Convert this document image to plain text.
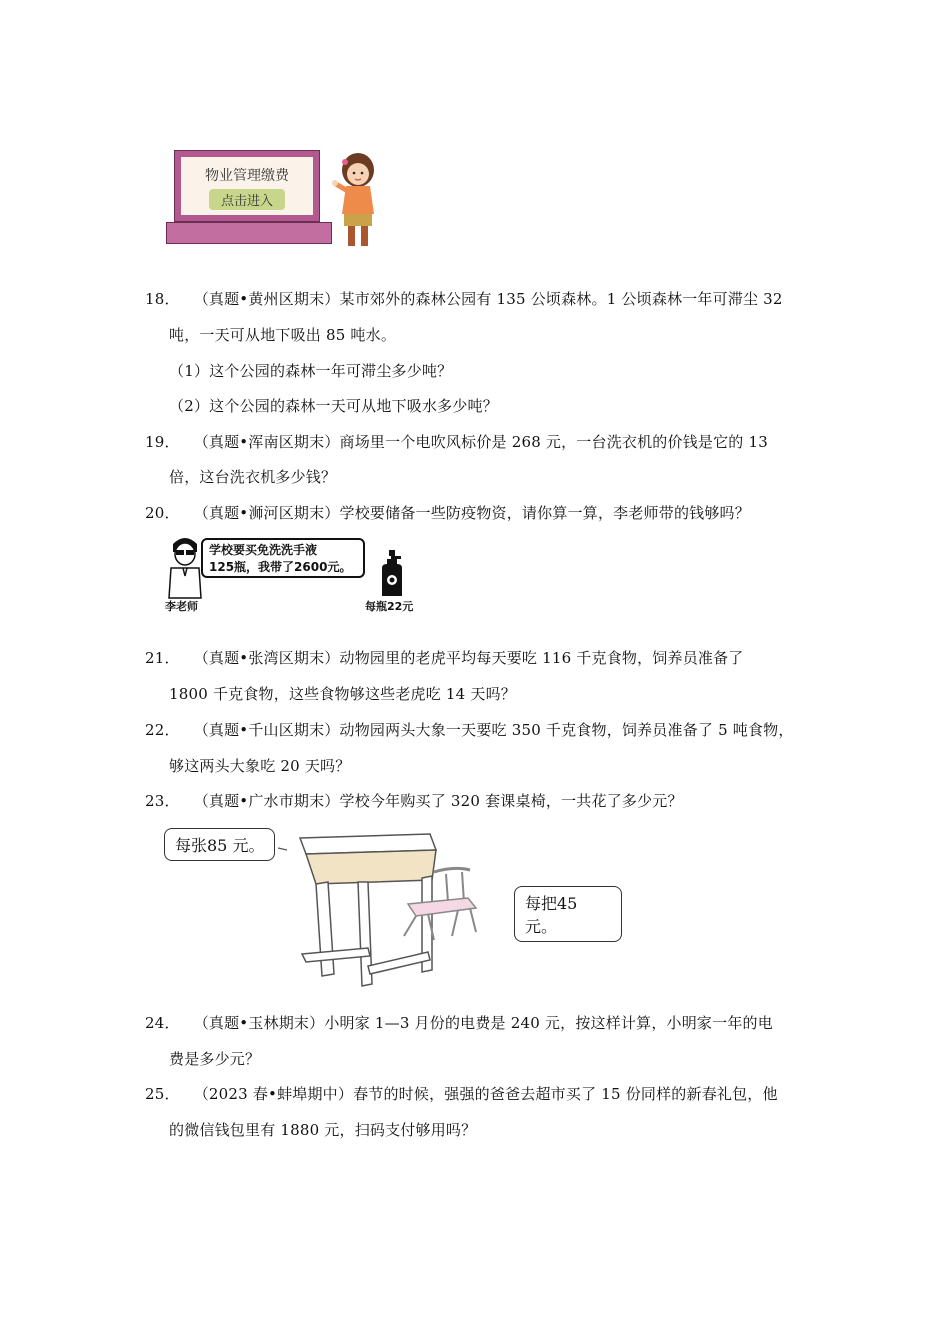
物业管理缴费
点击进入
18． （真题•黄州区期末）某市郊外的森林公园有 135 公顷森林。1 公顷森林一年可滞尘 32
吨，一天可从地下吸出 85 吨水。
（1）这个公园的森林一年可滞尘多少吨？
（2）这个公园的森林一天可从地下吸水多少吨？
19． （真题•浑南区期末）商场里一个电吹风标价是 268 元，一台洗衣机的价钱是它的 13
倍，这台洗衣机多少钱？
20． （真题•浉河区期末）学校要储备一些防疫物资，请你算一算，李老师带的钱够吗？
学校要买免洗洗手液
125瓶，我带了2600元。
李老师	每瓶22元
21． （真题•张湾区期末）动物园里的老虎平均每天要吃 116 千克食物，饲养员准备了
1800 千克食物，这些食物够这些老虎吃 14 天吗？
22． （真题•千山区期末）动物园两头大象一天要吃 350 千克食物，饲养员准备了 5 吨食物，
够这两头大象吃 20 天吗？
23． （真题•广水市期末）学校今年购买了 320 套课桌椅，一共花了多少元？
每张85 元。
每把45 元。
24． （真题•玉林期末）小明家 1—3 月份的电费是 240 元，按这样计算，小明家一年的电
费是多少元？
25． （2023 春•蚌埠期中）春节的时候，强强的爸爸去超市买了 15 份同样的新春礼包，他
的微信钱包里有 1880 元，扫码支付够用吗？
